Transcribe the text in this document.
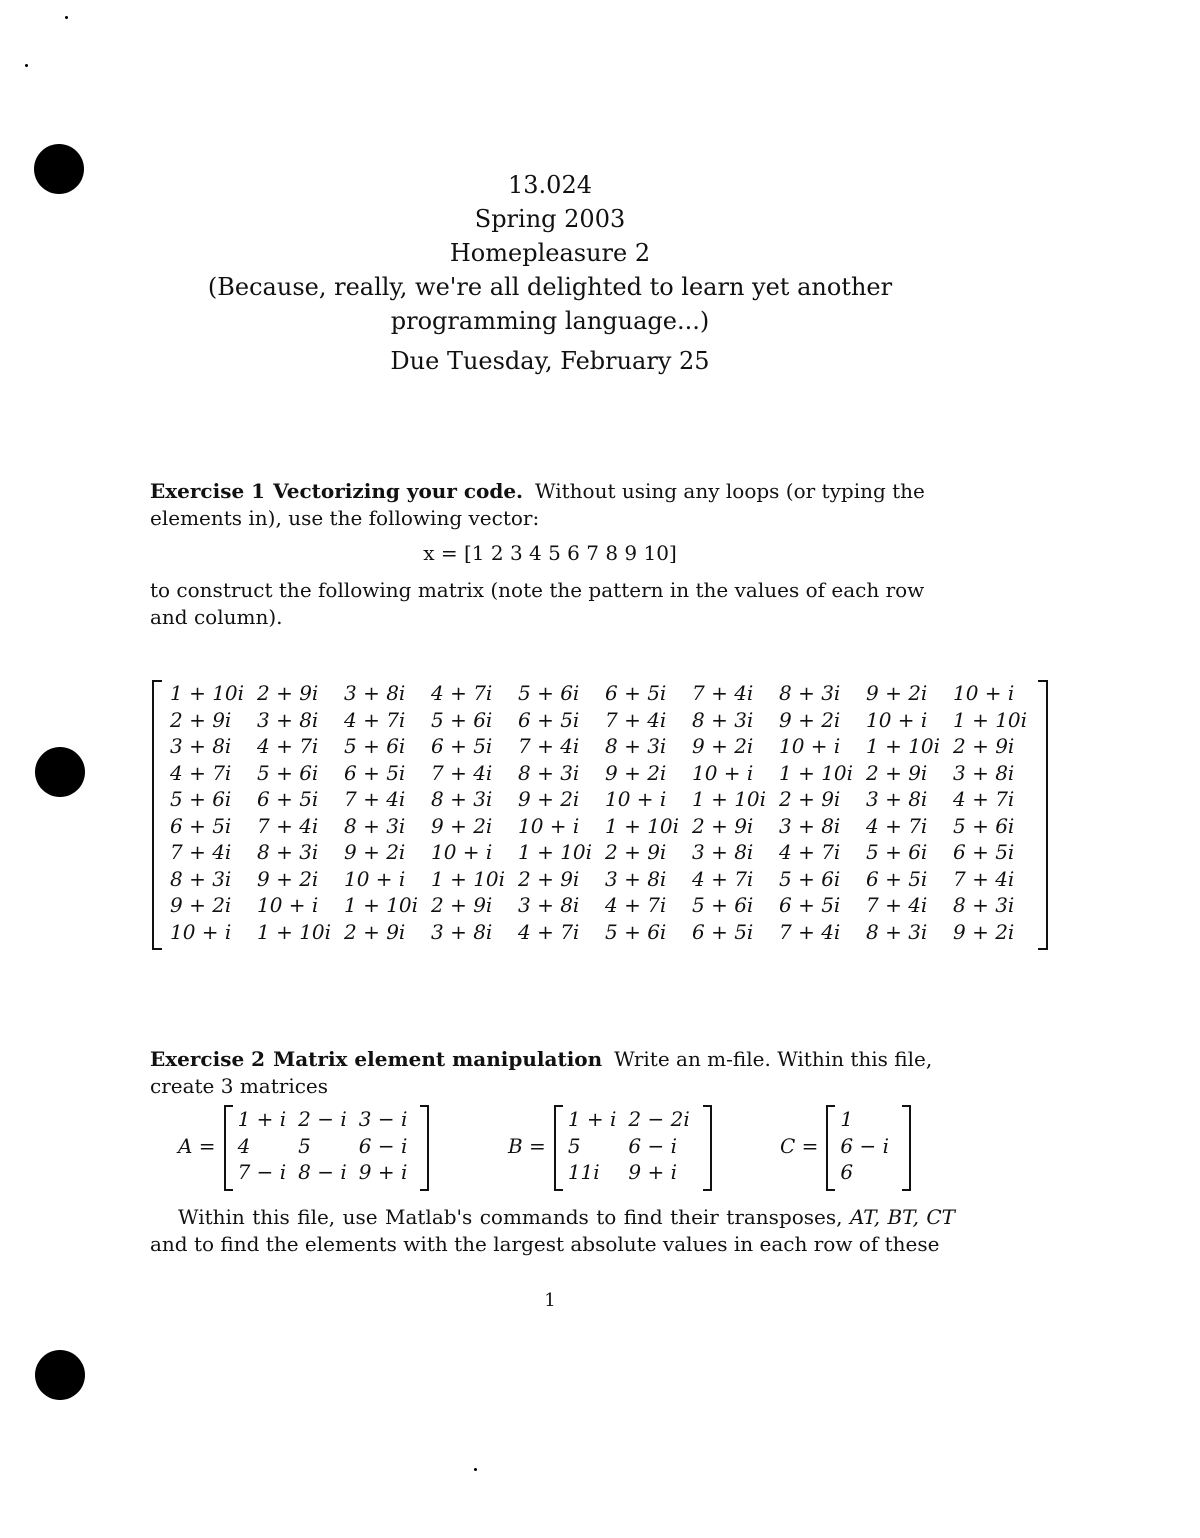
13.024
Spring 2003
Homepleasure 2
(Because, really, we're all delighted to learn yet another programming language...)
Due Tuesday, February 25
Exercise 1 Vectorizing your code. Without using any loops (or typing the elements in), use the following vector:
x = [1 2 3 4 5 6 7 8 9 10]
to construct the following matrix (note the pattern in the values of each row and column).
1 + 10i	2 + 9i	3 + 8i	4 + 7i	5 + 6i	6 + 5i	7 + 4i	8 + 3i	9 + 2i	10 + i
2 + 9i	3 + 8i	4 + 7i	5 + 6i	6 + 5i	7 + 4i	8 + 3i	9 + 2i	10 + i	1 + 10i
3 + 8i	4 + 7i	5 + 6i	6 + 5i	7 + 4i	8 + 3i	9 + 2i	10 + i	1 + 10i	2 + 9i
4 + 7i	5 + 6i	6 + 5i	7 + 4i	8 + 3i	9 + 2i	10 + i	1 + 10i	2 + 9i	3 + 8i
5 + 6i	6 + 5i	7 + 4i	8 + 3i	9 + 2i	10 + i	1 + 10i	2 + 9i	3 + 8i	4 + 7i
6 + 5i	7 + 4i	8 + 3i	9 + 2i	10 + i	1 + 10i	2 + 9i	3 + 8i	4 + 7i	5 + 6i
7 + 4i	8 + 3i	9 + 2i	10 + i	1 + 10i	2 + 9i	3 + 8i	4 + 7i	5 + 6i	6 + 5i
8 + 3i	9 + 2i	10 + i	1 + 10i	2 + 9i	3 + 8i	4 + 7i	5 + 6i	6 + 5i	7 + 4i
9 + 2i	10 + i	1 + 10i	2 + 9i	3 + 8i	4 + 7i	5 + 6i	6 + 5i	7 + 4i	8 + 3i
10 + i	1 + 10i	2 + 9i	3 + 8i	4 + 7i	5 + 6i	6 + 5i	7 + 4i	8 + 3i	9 + 2i
Exercise 2 Matrix element manipulation Write an m-file. Within this file, create 3 matrices
A =
1 + i	2 − i	3 − i
4	5	6 − i
7 − i	8 − i	9 + i
B =
1 + i	2 − 2i
5	6 − i
11i	9 + i
C =
1
6 − i
6
Within this file, use Matlab's commands to find their transposes, AT, BT, CT and to find the elements with the largest absolute values in each row of these
1
